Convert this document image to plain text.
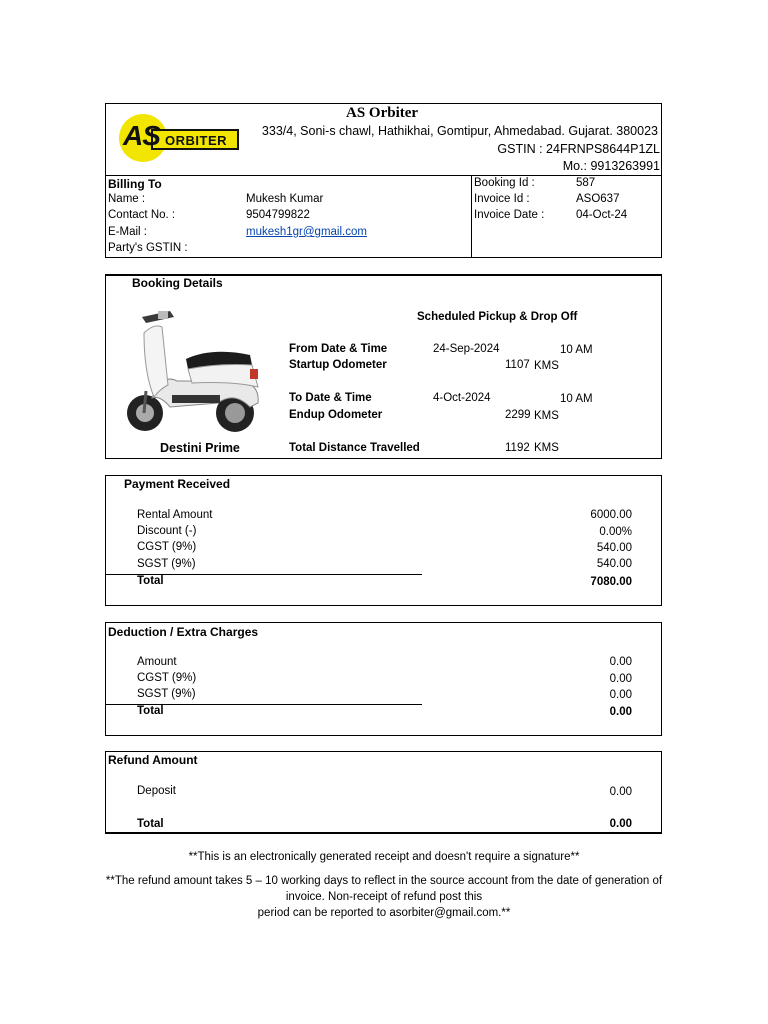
AS ORBITER
AS Orbiter
333/4, Soni-s chawl, Hathikhai, Gomtipur, Ahmedabad. Gujarat. 380023
GSTIN : 24FRNPS8644P1ZL
Mo.: 9913263991
Billing To
Name :	Mukesh Kumar
Contact No. :	9504799822
E-Mail :	mukesh1gr@gmail.com
Party's GSTIN :
Booking Id :	587
Invoice Id :	ASO637
Invoice Date :	04-Oct-24
Booking Details
Destini Prime
Scheduled Pickup & Drop Off
From Date & Time	24-Sep-2024	10 AM
Startup Odometer	1107 KMS
To Date & Time	4-Oct-2024	10 AM
Endup Odometer	2299 KMS
Total Distance Travelled	1192 KMS
Payment Received
Rental Amount	6000.00
Discount (-)	0.00%
CGST (9%)	540.00
SGST (9%)	540.00
Total	7080.00
Deduction / Extra Charges
Amount	0.00
CGST (9%)	0.00
SGST (9%)	0.00
Total	0.00
Refund Amount
Deposit	0.00
Total	0.00
**This is an electronically generated receipt and doesn't require a signature**
**The refund amount takes 5 – 10 working days to reflect in the source account from the date of generation of
invoice. Non-receipt of refund post this
period can be reported to asorbiter@gmail.com.**
